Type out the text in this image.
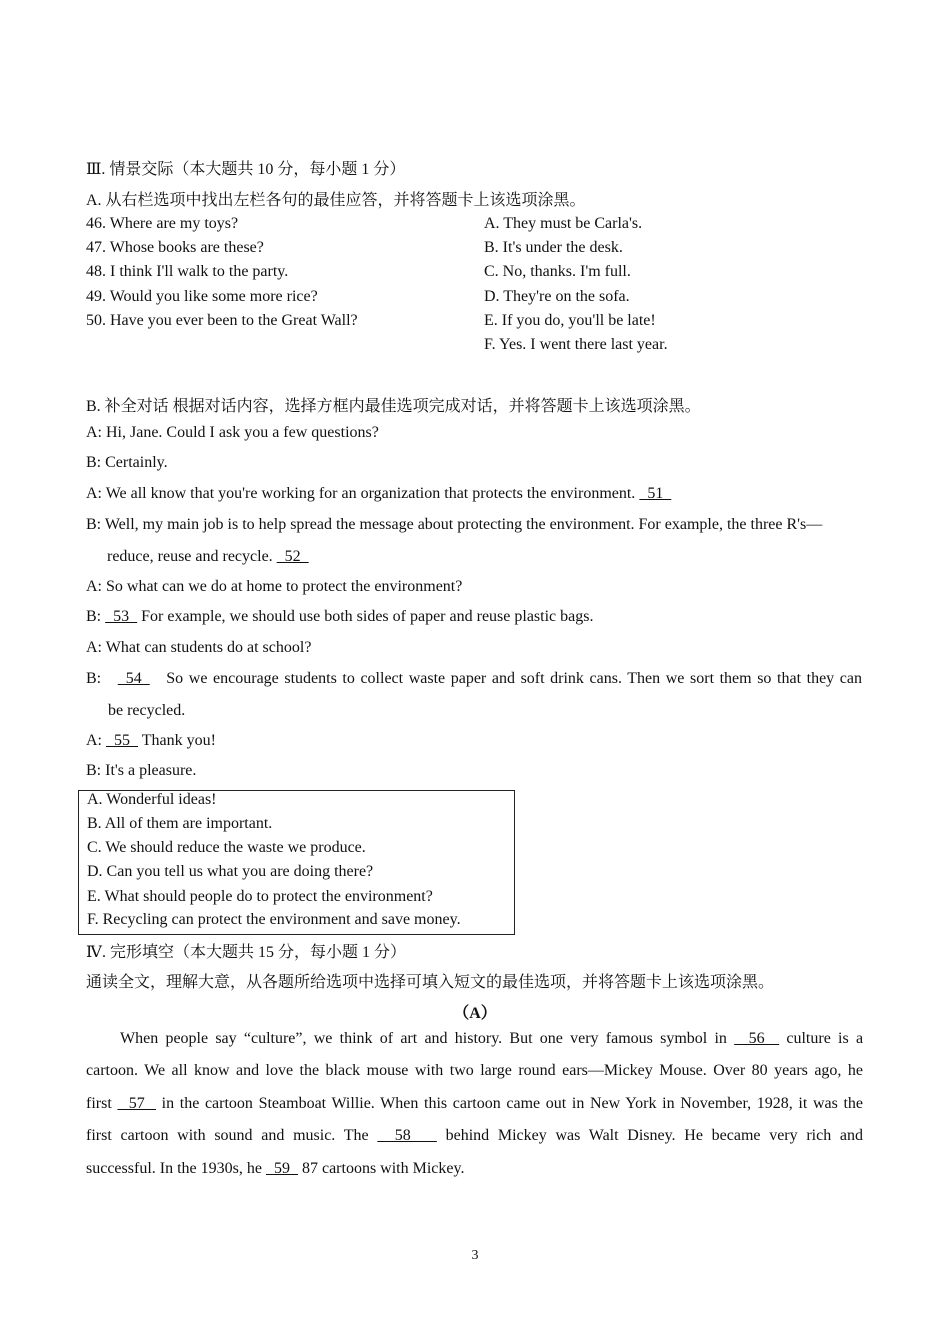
Ⅲ. 情景交际（本大题共 10 分，每小题 1 分）
A. 从右栏选项中找出左栏各句的最佳应答，并将答题卡上该选项涂黑。
46. Where are my toys?
47. Whose books are these?
48. I think I'll walk to the party.
49. Would you like some more rice?
50. Have you ever been to the Great Wall?
A. They must be Carla's.
B. It's under the desk.
C. No, thanks. I'm full.
D. They're on the sofa.
E. If you do, you'll be late!
F. Yes. I went there last year.
B. 补全对话 根据对话内容，选择方框内最佳选项完成对话，并将答题卡上该选项涂黑。
A: Hi, Jane. Could I ask you a few questions?
B: Certainly.
A: We all know that you're working for an organization that protects the environment.   51
B: Well, my main job is to help spread the message about protecting the environment. For example, the three R's—
reduce, reuse and recycle.   52
A: So what can we do at home to protect the environment?
B:   53   For example, we should use both sides of paper and reuse plastic bags.
A: What can students do at school?
B: 54 So we encourage students to collect waste paper and soft drink cans. Then we sort them so that they can
be recycled.
A:   55   Thank you!
B: It's a pleasure.
A. Wonderful ideas!
B. All of them are important.
C. We should reduce the waste we produce.
D. Can you tell us what you are doing there?
E. What should people do to protect the environment?
F. Recycling can protect the environment and save money.
Ⅳ. 完形填空（本大题共 15 分，每小题 1 分）
通读全文，理解大意，从各题所给选项中选择可填入短文的最佳选项，并将答题卡上该选项涂黑。
（A）
When people say “culture”, we think of art and history. But one very famous symbol in   56   culture is a
cartoon. We all know and love the black mouse with two large round ears—Mickey Mouse. Over 80 years ago, he
first   57   in the cartoon Steamboat Willie. When this cartoon came out in New York in November, 1928, it was the
first cartoon with sound and music. The   58    behind Mickey was Walt Disney. He became very rich and
successful. In the 1930s, he   59   87 cartoons with Mickey.
3
